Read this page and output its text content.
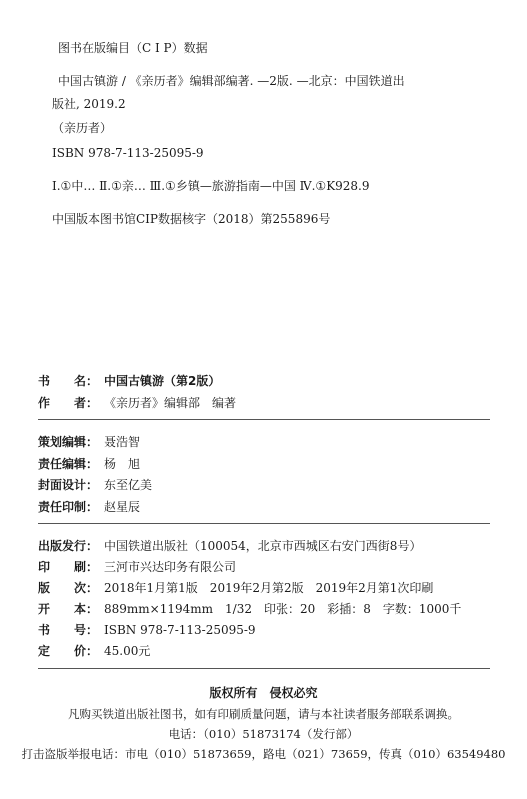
图书在版编目（C I P）数据
中国古镇游 / 《亲历者》编辑部编著. —2版. —北京：中国铁道出
版社, 2019.2
（亲历者）
ISBN 978-7-113-25095-9
Ⅰ.①中… Ⅱ.①亲… Ⅲ.①乡镇—旅游指南—中国 Ⅳ.①K928.9
中国版本图书馆CIP数据核字（2018）第255896号
书　　名： 中国古镇游（第2版）
作　　者： 《亲历者》编辑部　编著
策划编辑： 聂浩智
责任编辑： 杨　旭
封面设计： 东至亿美
责任印制： 赵星辰
出版发行： 中国铁道出版社（100054，北京市西城区右安门西街8号）
印　　刷： 三河市兴达印务有限公司
版　　次： 2018年1月第1版　2019年2月第2版　2019年2月第1次印刷
开　　本： 889mm×1194mm　1/32　印张：20　彩插：8　字数：1000千
书　　号： ISBN 978-7-113-25095-9
定　　价： 45.00元
版权所有　侵权必究
凡购买铁道出版社图书，如有印刷质量问题，请与本社读者服务部联系调换。
电话：（010）51873174（发行部）
打击盗版举报电话：市电（010）51873659，路电（021）73659，传真（010）63549480
